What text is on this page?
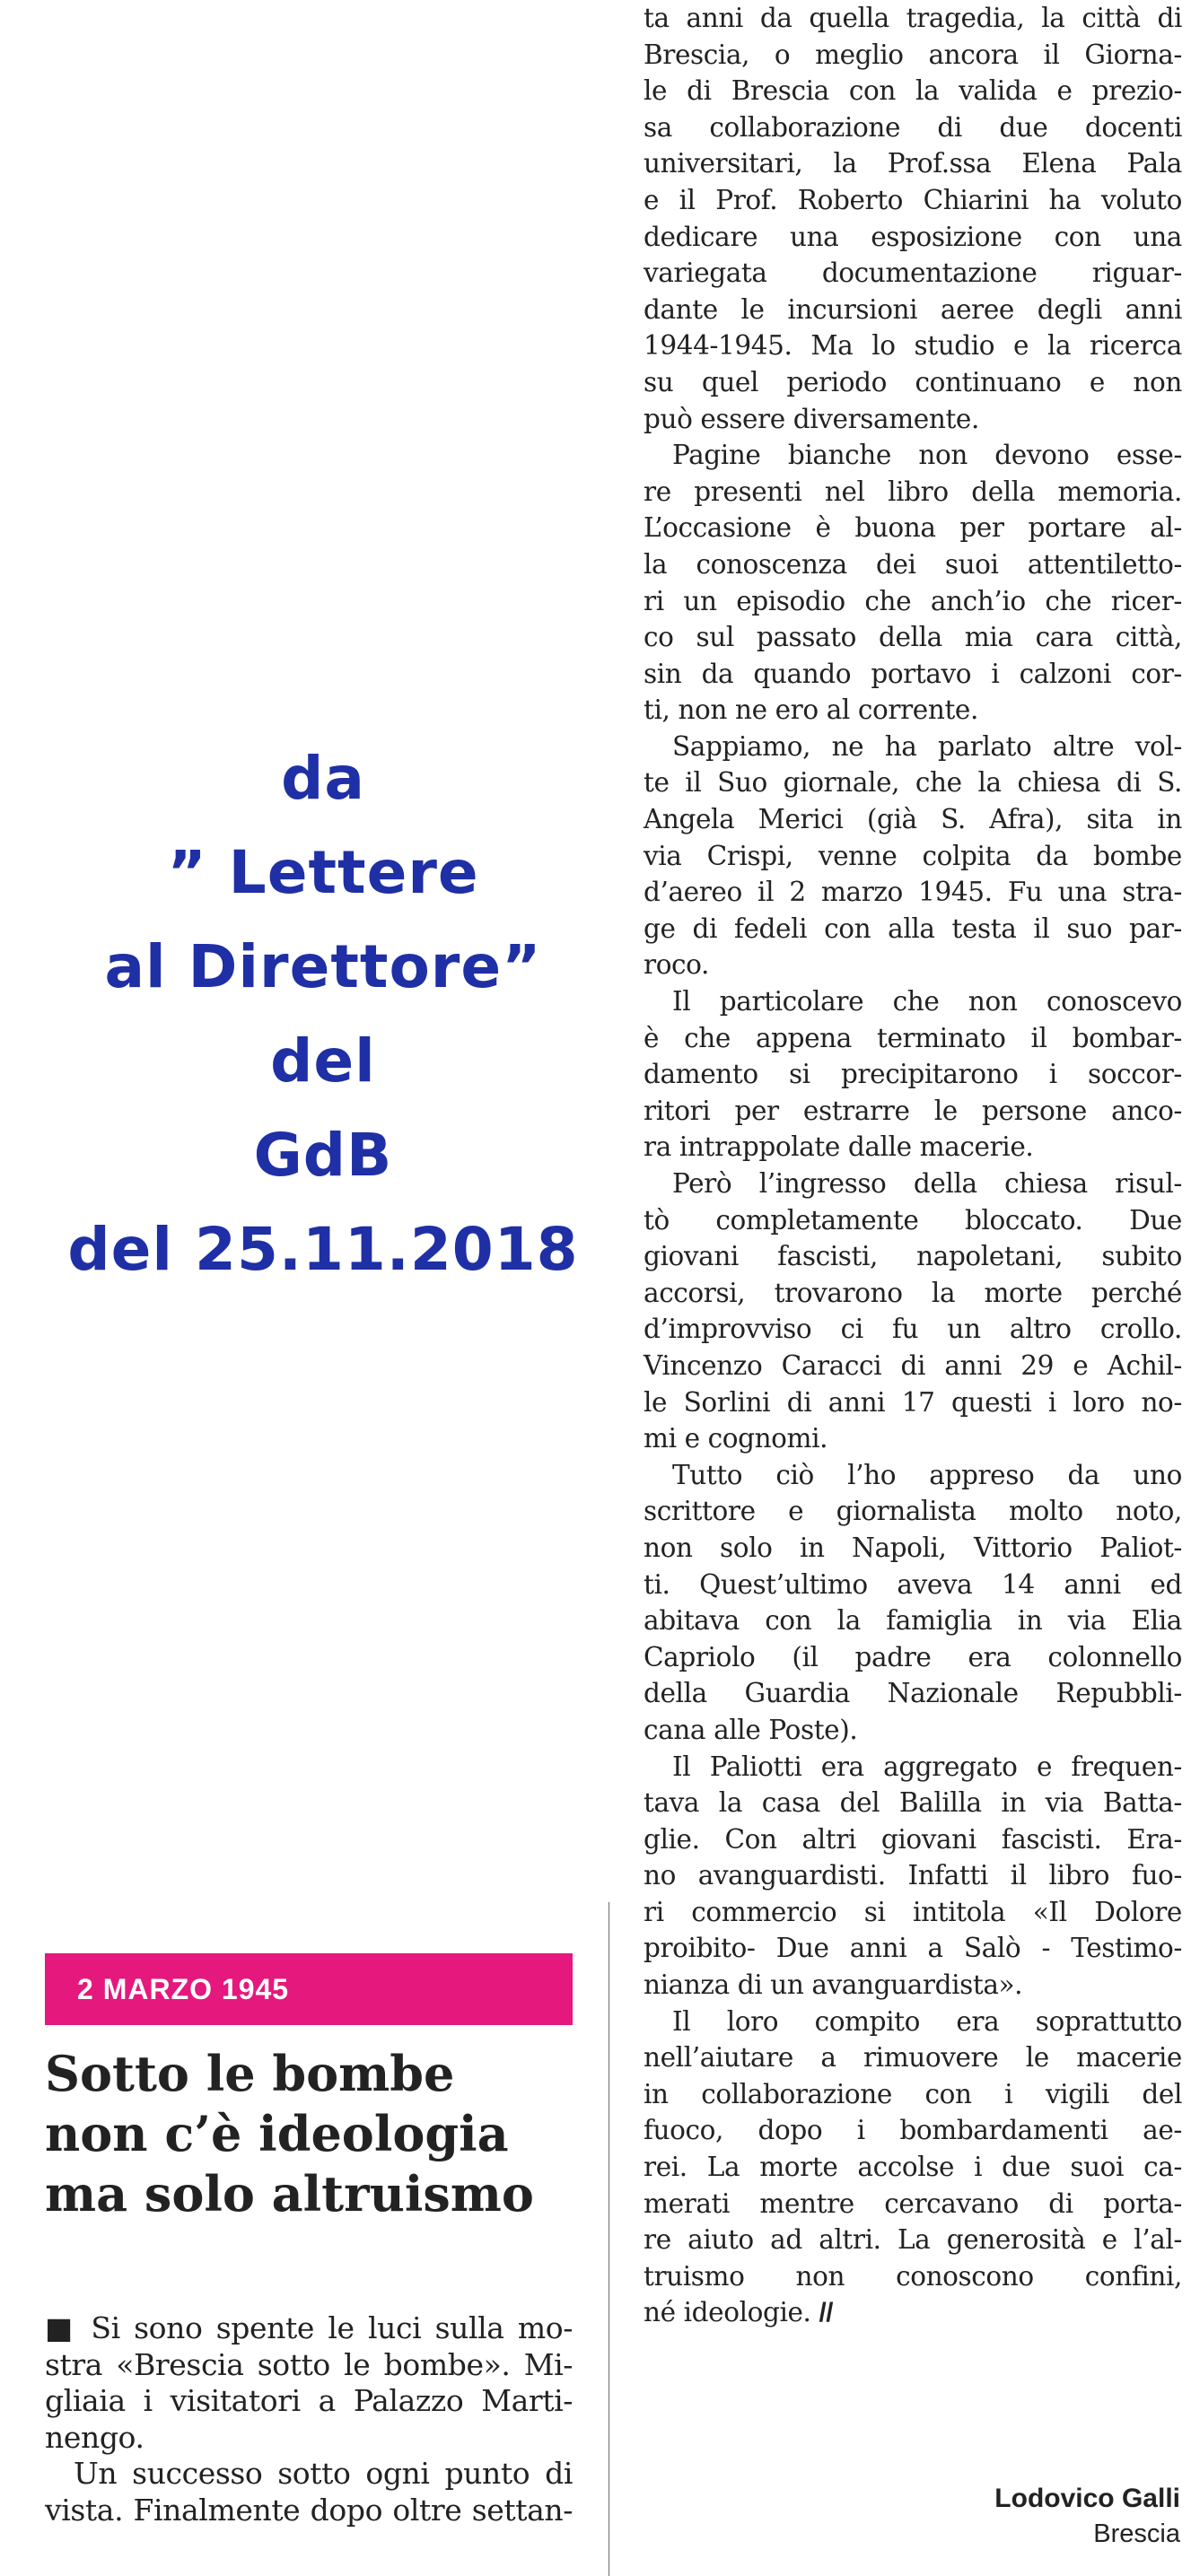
da
” Lettere
al Direttore”
del
GdB
del 25.11.2018
2 MARZO 1945
Sotto le bombe
non c’è ideologia
ma solo altruismo
■ Si sono spente le luci sulla mo-
stra «Brescia sotto le bombe». Mi-
gliaia i visitatori a Palazzo Marti-
nengo.
Un successo sotto ogni punto di
vista. Finalmente dopo oltre settan-
ta anni da quella tragedia, la città di
Brescia, o meglio ancora il Giorna-
le di Brescia con la valida e prezio-
sa collaborazione di due docenti
universitari, la Prof.ssa Elena Pala
e il Prof. Roberto Chiarini ha voluto
dedicare una esposizione con una
variegata documentazione riguar-
dante le incursioni aeree degli anni
1944-1945. Ma lo studio e la ricerca
su quel periodo continuano e non
può essere diversamente.
Pagine bianche non devono esse-
re presenti nel libro della memoria.
L’occasione è buona per portare al-
la conoscenza dei suoi attentiletto-
ri un episodio che anch’io che ricer-
co sul passato della mia cara città,
sin da quando portavo i calzoni cor-
ti, non ne ero al corrente.
Sappiamo, ne ha parlato altre vol-
te il Suo giornale, che la chiesa di S.
Angela Merici (già S. Afra), sita in
via Crispi, venne colpita da bombe
d’aereo il 2 marzo 1945. Fu una stra-
ge di fedeli con alla testa il suo par-
roco.
Il particolare che non conoscevo
è che appena terminato il bombar-
damento si precipitarono i soccor-
ritori per estrarre le persone anco-
ra intrappolate dalle macerie.
Però l’ingresso della chiesa risul-
tò completamente bloccato. Due
giovani fascisti, napoletani, subito
accorsi, trovarono la morte perché
d’improvviso ci fu un altro crollo.
Vincenzo Caracci di anni 29 e Achil-
le Sorlini di anni 17 questi i loro no-
mi e cognomi.
Tutto ciò l’ho appreso da uno
scrittore e giornalista molto noto,
non solo in Napoli, Vittorio Paliot-
ti. Quest’ultimo aveva 14 anni ed
abitava con la famiglia in via Elia
Capriolo (il padre era colonnello
della Guardia Nazionale Repubbli-
cana alle Poste).
Il Paliotti era aggregato e frequen-
tava la casa del Balilla in via Batta-
glie. Con altri giovani fascisti. Era-
no avanguardisti. Infatti il libro fuo-
ri commercio si intitola «Il Dolore
proibito- Due anni a Salò - Testimo-
nianza di un avanguardista».
Il loro compito era soprattutto
nell’aiutare a rimuovere le macerie
in collaborazione con i vigili del
fuoco, dopo i bombardamenti ae-
rei. La morte accolse i due suoi ca-
merati mentre cercavano di porta-
re aiuto ad altri. La generosità e l’al-
truismo non conoscono confini,
né ideologie. //
Lodovico Galli
Brescia
